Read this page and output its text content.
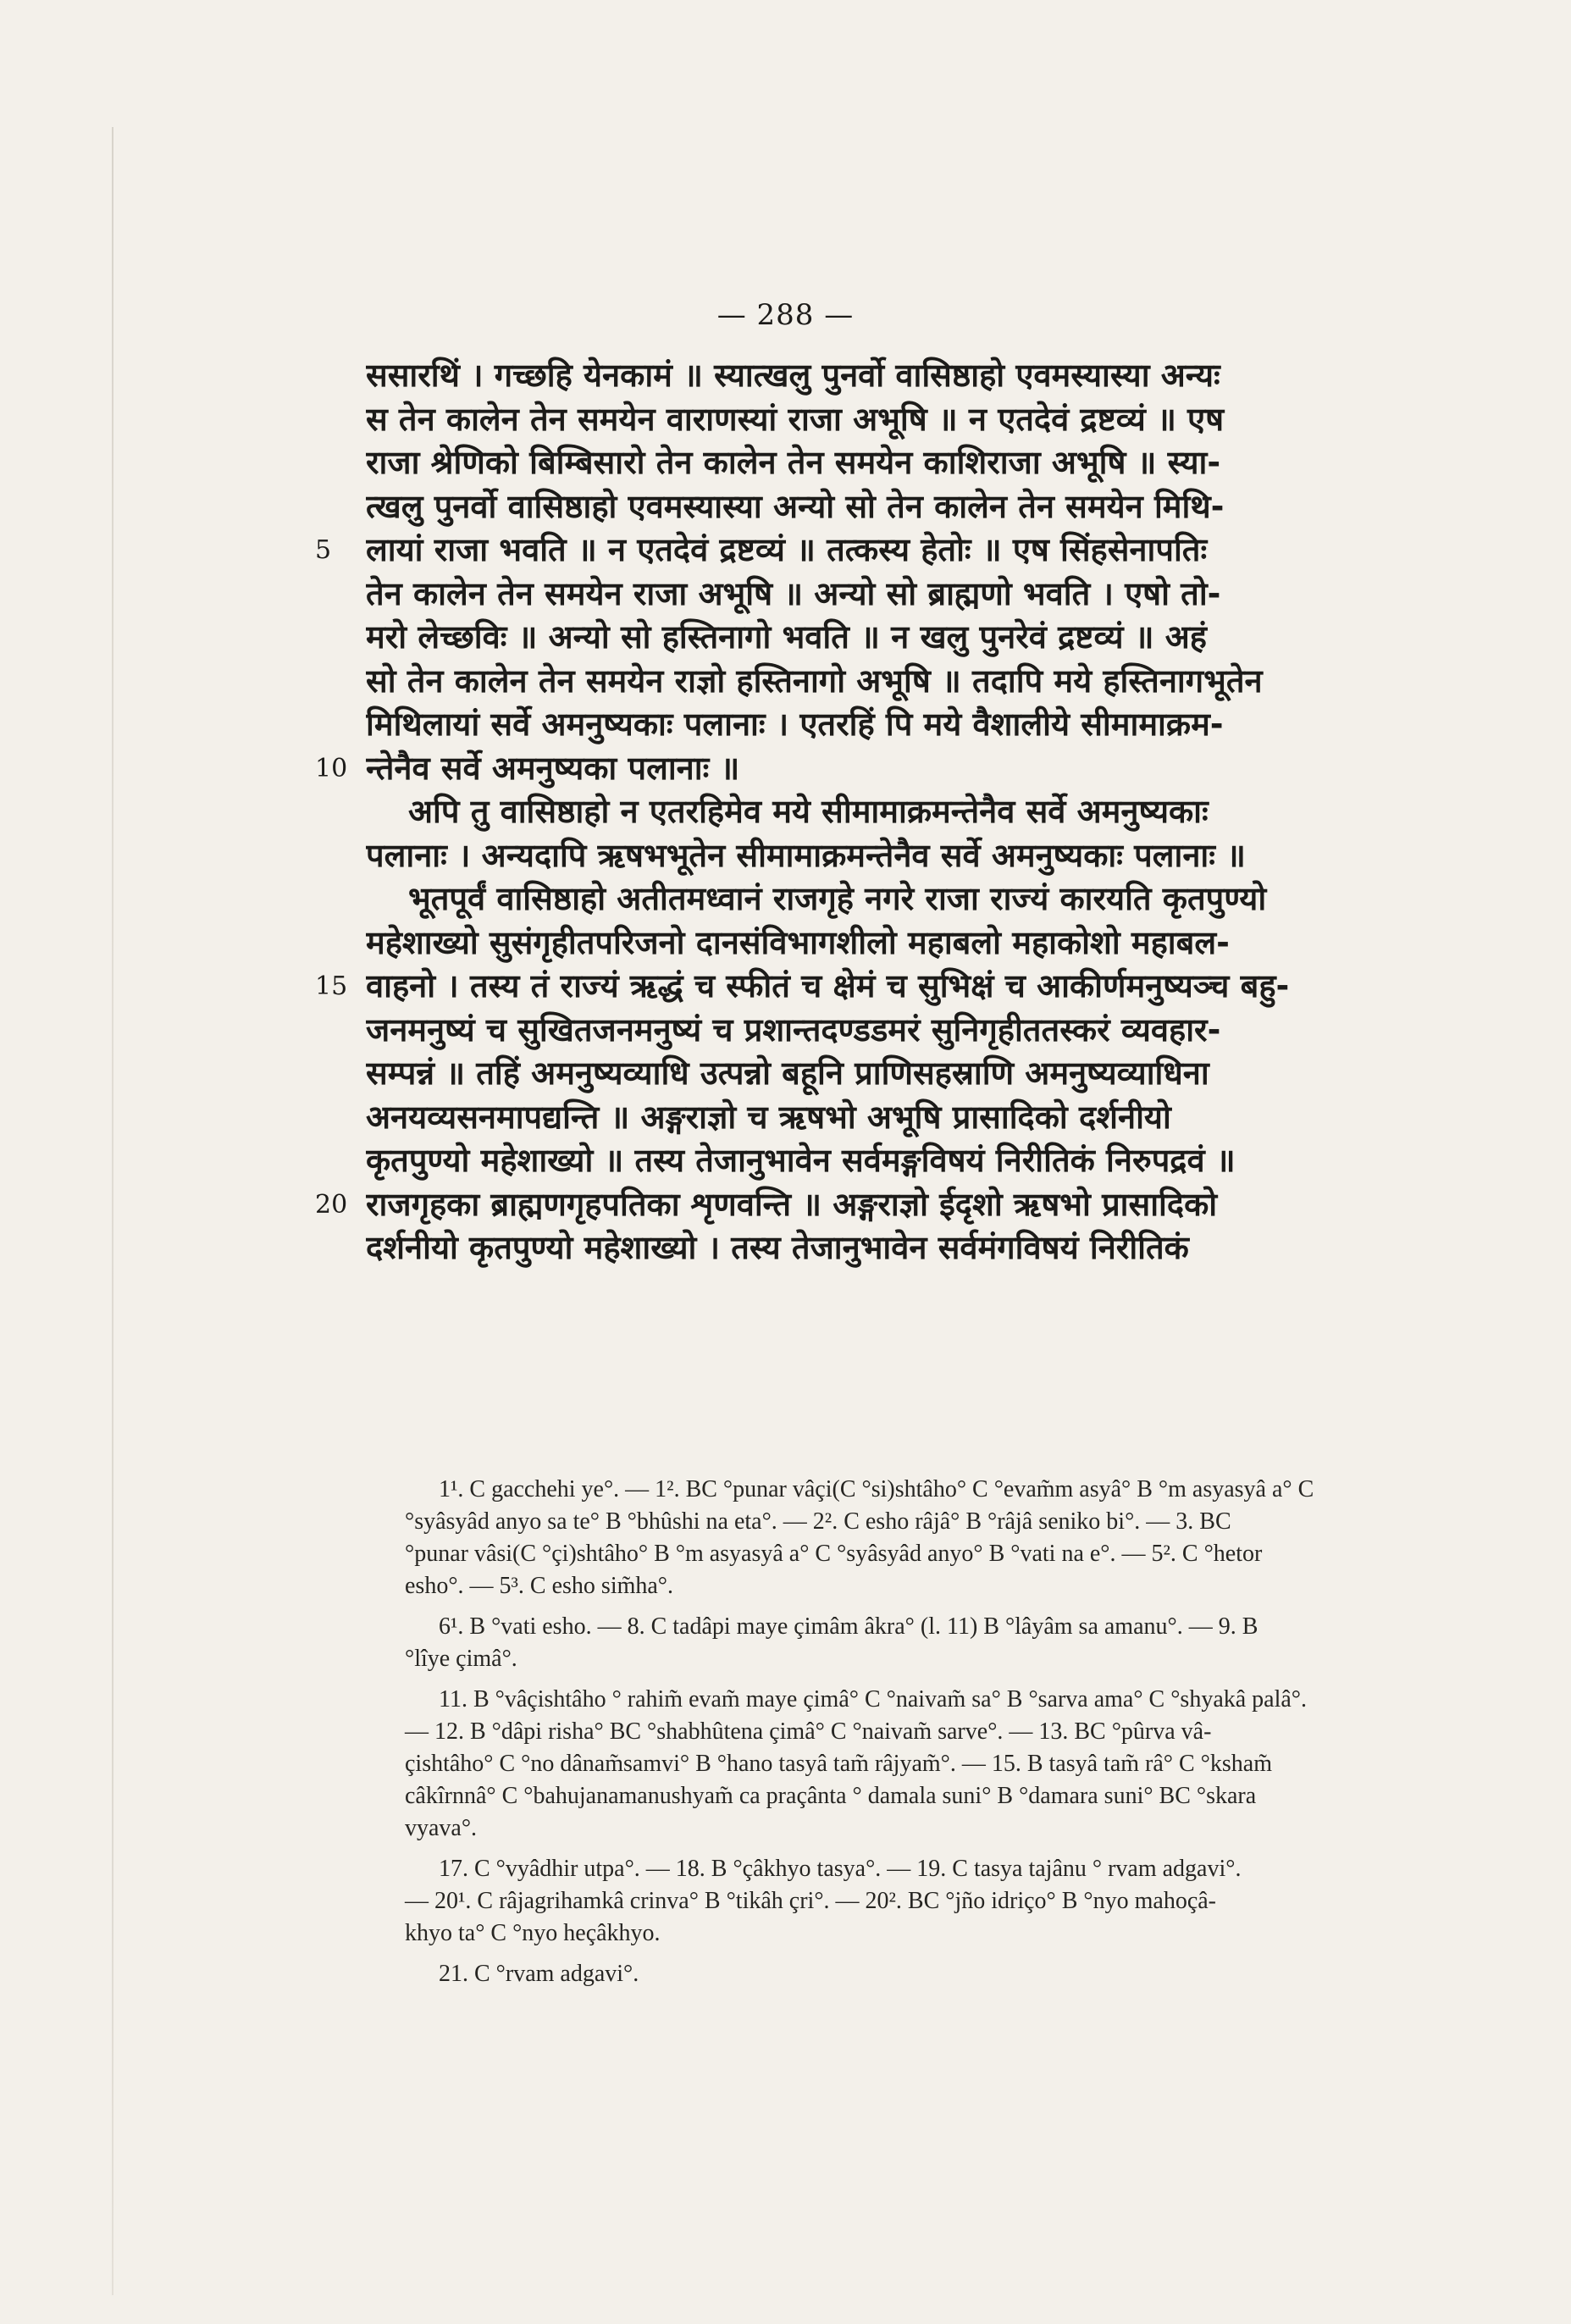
— 288 —
ससारथिं । गच्छहि येनकामं ॥ स्यात्खलु पुनर्वो वासिष्ठाहो एवमस्यास्या अन्यः
स तेन कालेन तेन समयेन वाराणस्यां राजा अभूषि ॥ न एतदेवं द्रष्टव्यं ॥ एष
राजा श्रेणिको बिम्बिसारो तेन कालेन तेन समयेन काशिराजा अभूषि ॥ स्या-
त्खलु पुनर्वो वासिष्ठाहो एवमस्यास्या अन्यो सो तेन कालेन तेन समयेन मिथि-
लायां राजा भवति ॥ न एतदेवं द्रष्टव्यं ॥ तत्कस्य हेतोः ॥ एष सिंहसेनापतिः
तेन कालेन तेन समयेन राजा अभूषि ॥ अन्यो सो ब्राह्मणो भवति । एषो तो-
मरो लेच्छविः ॥ अन्यो सो हस्तिनागो भवति ॥ न खलु पुनरेवं द्रष्टव्यं ॥ अहं
सो तेन कालेन तेन समयेन राज्ञो हस्तिनागो अभूषि ॥ तदापि मये हस्तिनागभूतेन
मिथिलायां सर्वे अमनुष्यकाः पलानाः । एतरहिं पि मये वैशालीये सीमामाक्रम-
न्तेनैव सर्वे अमनुष्यका पलानाः ॥
अपि तु वासिष्ठाहो न एतरहिमेव मये सीमामाक्रमन्तेनैव सर्वे अमनुष्यकाः
पलानाः । अन्यदापि ऋषभभूतेन सीमामाक्रमन्तेनैव सर्वे अमनुष्यकाः पलानाः ॥
भूतपूर्वं वासिष्ठाहो अतीतमध्वानं राजगृहे नगरे राजा राज्यं कारयति कृतपुण्यो
महेशाख्यो सुसंगृहीतपरिजनो दानसंविभागशीलो महाबलो महाकोशो महाबल-
वाहनो । तस्य तं राज्यं ऋद्धं च स्फीतं च क्षेमं च सुभिक्षं च आकीर्णमनुष्यञ्च बहु-
जनमनुष्यं च सुखितजनमनुष्यं च प्रशान्तदण्डडमरं सुनिगृहीततस्करं व्यवहार-
सम्पन्नं ॥ तहिं अमनुष्यव्याधि उत्पन्नो बहूनि प्राणिसहस्राणि अमनुष्यव्याधिना
अनयव्यसनमापद्यन्ति ॥ अङ्गराज्ञो च ऋषभो अभूषि प्रासादिको दर्शनीयो
कृतपुण्यो महेशाख्यो ॥ तस्य तेजानुभावेन सर्वमङ्गविषयं निरीतिकं निरुपद्रवं ॥
राजगृहका ब्राह्मणगृहपतिका शृणवन्ति ॥ अङ्गराज्ञो ईदृशो ऋषभो प्रासादिको
दर्शनीयो कृतपुण्यो महेशाख्यो । तस्य तेजानुभावेन सर्वमंगविषयं निरीतिकं
5
10
15
20
1¹. C gacchehi ye°. — 1². BC °punar vâçi(C °si)shtâho° C °evam̃m asyâ° B °m asyasyâ a° C
°syâsyâd anyo sa te° B °bhûshi na eta°. — 2². C esho râjâ° B °râjâ seniko bi°. — 3. BC
°punar vâsi(C °çi)shtâho° B °m asyasyâ a° C °syâsyâd anyo° B °vati na e°. — 5². C °hetor
esho°. — 5³. C esho sim̃ha°.
6¹. B °vati esho. — 8. C tadâpi maye çimâm âkra° (l. 11) B °lâyâm sa amanu°. — 9. B
°lîye çimâ°.
11. B °vâçishtâho ° rahim̃ evam̃ maye çimâ° C °naivam̃ sa° B °sarva ama° C °shyakâ palâ°.
— 12. B °dâpi risha° BC °shabhûtena çimâ° C °naivam̃ sarve°. — 13. BC °pûrva vâ-
çishtâho° C °no dânam̃samvi° B °hano tasyâ tam̃ râjyam̃°. — 15. B tasyâ tam̃ râ° C °ksham̃
câkîrnnâ° C °bahujanamanushyam̃ ca praçânta ° damala suni° B °damara suni° BC °skara
vyava°.
17. C °vyâdhir utpa°. — 18. B °çâkhyo tasya°. — 19. C tasya tajânu ° rvam adgavi°.
— 20¹. C râjagrihamkâ crinva° B °tikâh çri°. — 20². BC °jño idriço° B °nyo mahoçâ-
khyo ta° C °nyo heçâkhyo.
21. C °rvam adgavi°.
